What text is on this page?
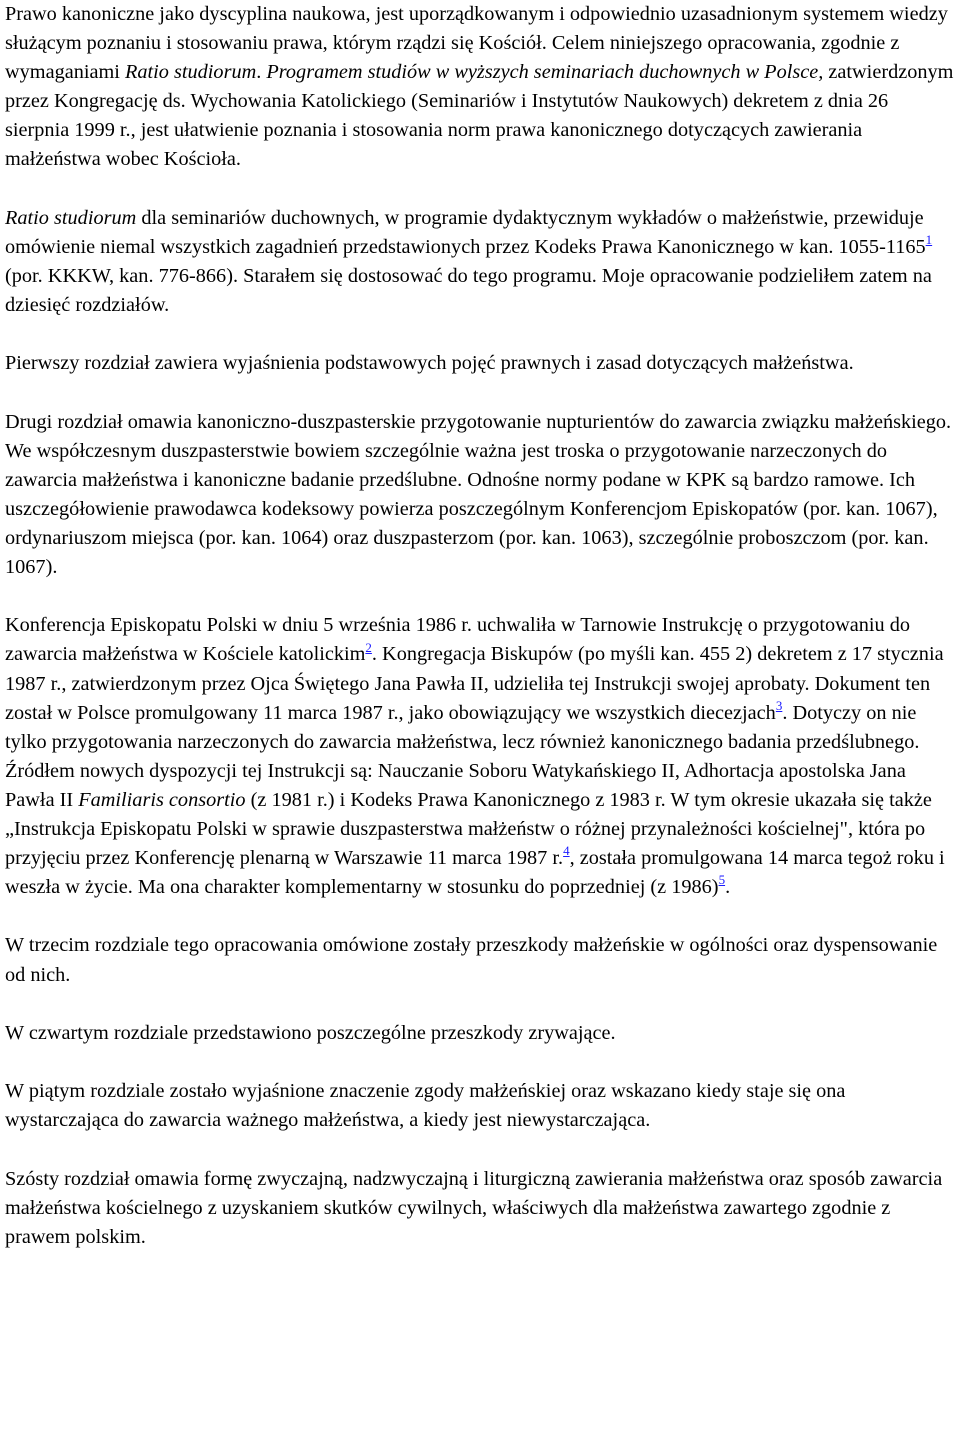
Prawo kanoniczne jako dyscyplina naukowa, jest uporządkowanym i odpowiednio uzasadnionym systemem wiedzy służącym poznaniu i stosowaniu prawa, którym rządzi się Kościół. Celem niniejszego opracowania, zgodnie z wymaganiami Ratio studiorum. Programem studiów w wyższych seminariach duchownych w Polsce, zatwierdzonym przez Kongregację ds. Wychowania Katolickiego (Seminariów i Instytutów Naukowych) dekretem z dnia 26 sierpnia 1999 r., jest ułatwienie poznania i stosowania norm prawa kanonicznego dotyczących zawierania małżeństwa wobec Kościoła.

Ratio studiorum dla seminariów duchownych, w programie dydaktycznym wykładów o małżeństwie, przewiduje omówienie niemal wszystkich zagadnień przedstawionych przez Kodeks Prawa Kanonicznego w kan. 1055-1165$^1$ (por. KKKW, kan. 776-866). Starałem się dostosować do tego programu. Moje opracowanie podzieliłem zatem na dziesięć rozdziałów.

Pierwszy rozdział zawiera wyjaśnienia podstawowych pojęć prawnych i zasad dotyczących małżeństwa.

Drugi rozdział omawia kanoniczno-duszpasterskie przygotowanie nupturientów do zawarcia związku małżeńskiego. We współczesnym duszpasterstwie bowiem szczególnie ważna jest troska o przygotowanie narzeczonych do zawarcia małżeństwa i kanoniczne badanie przedślubne. Odnośne normy podane w KPK są bardzo ramowe. Ich uszczegółowienie prawodawca kodeksowy powierza poszczególnym Konferencjom Episkopatów (por. kan. 1067), ordynariuszom miejsca (por. kan. 1064) oraz duszpasterzom (por. kan. 1063), szczególnie proboszczom (por. kan. 1067).

Konferencja Episkopatu Polski w dniu 5 września 1986 r. uchwaliła w Tarnowie Instrukcję o przygotowaniu do zawarcia małżeństwa w Kościele katolickim$^2$. Kongregacja Biskupów (po myśli kan. 455 2) dekretem z 17 stycznia 1987 r., zatwierdzonym przez Ojca Świętego Jana Pawła II, udzieliła tej Instrukcji swojej aprobaty. Dokument ten został w Polsce promulgowany 11 marca 1987 r., jako obowiązujący we wszystkich diecezjach$^3$. Dotyczy on nie tylko przygotowania narzeczonych do zawarcia małżeństwa, lecz również kanonicznego badania przedślubnego. Źródłem nowych dyspozycji tej Instrukcji są: Nauczanie Soboru Watykańskiego II, Adhortacja apostolska Jana Pawła II Familiaris consortio (z 1981 r.) i Kodeks Prawa Kanonicznego z 1983 r. W tym okresie ukazała się także „Instrukcja Episkopatu Polski w sprawie duszpasterstwa małżeństw o różnej przynależności kościelnej", która po przyjęciu przez Konferencję plenarną w Warszawie 11 marca 1987 r.$^4$, została promulgowana 14 marca tegoż roku i weszła w życie. Ma ona charakter komplementarny w stosunku do poprzedniej (z 1986)$^5$.

W trzecim rozdziale tego opracowania omówione zostały przeszkody małżeńskie w ogólności oraz dyspensowanie od nich.

W czwartym rozdziale przedstawiono poszczególne przeszkody zrywające.

W piątym rozdziale zostało wyjaśnione znaczenie zgody małżeńskiej oraz wskazano kiedy staje się ona wystarczająca do zawarcia ważnego małżeństwa, a kiedy jest niewystarczająca.

Szósty rozdział omawia formę zwyczajną, nadzwyczajną i liturgiczną zawierania małżeństwa oraz sposób zawarcia małżeństwa kościelnego z uzyskaniem skutków cywilnych, właściwych dla małżeństwa zawartego zgodnie z prawem polskim.
